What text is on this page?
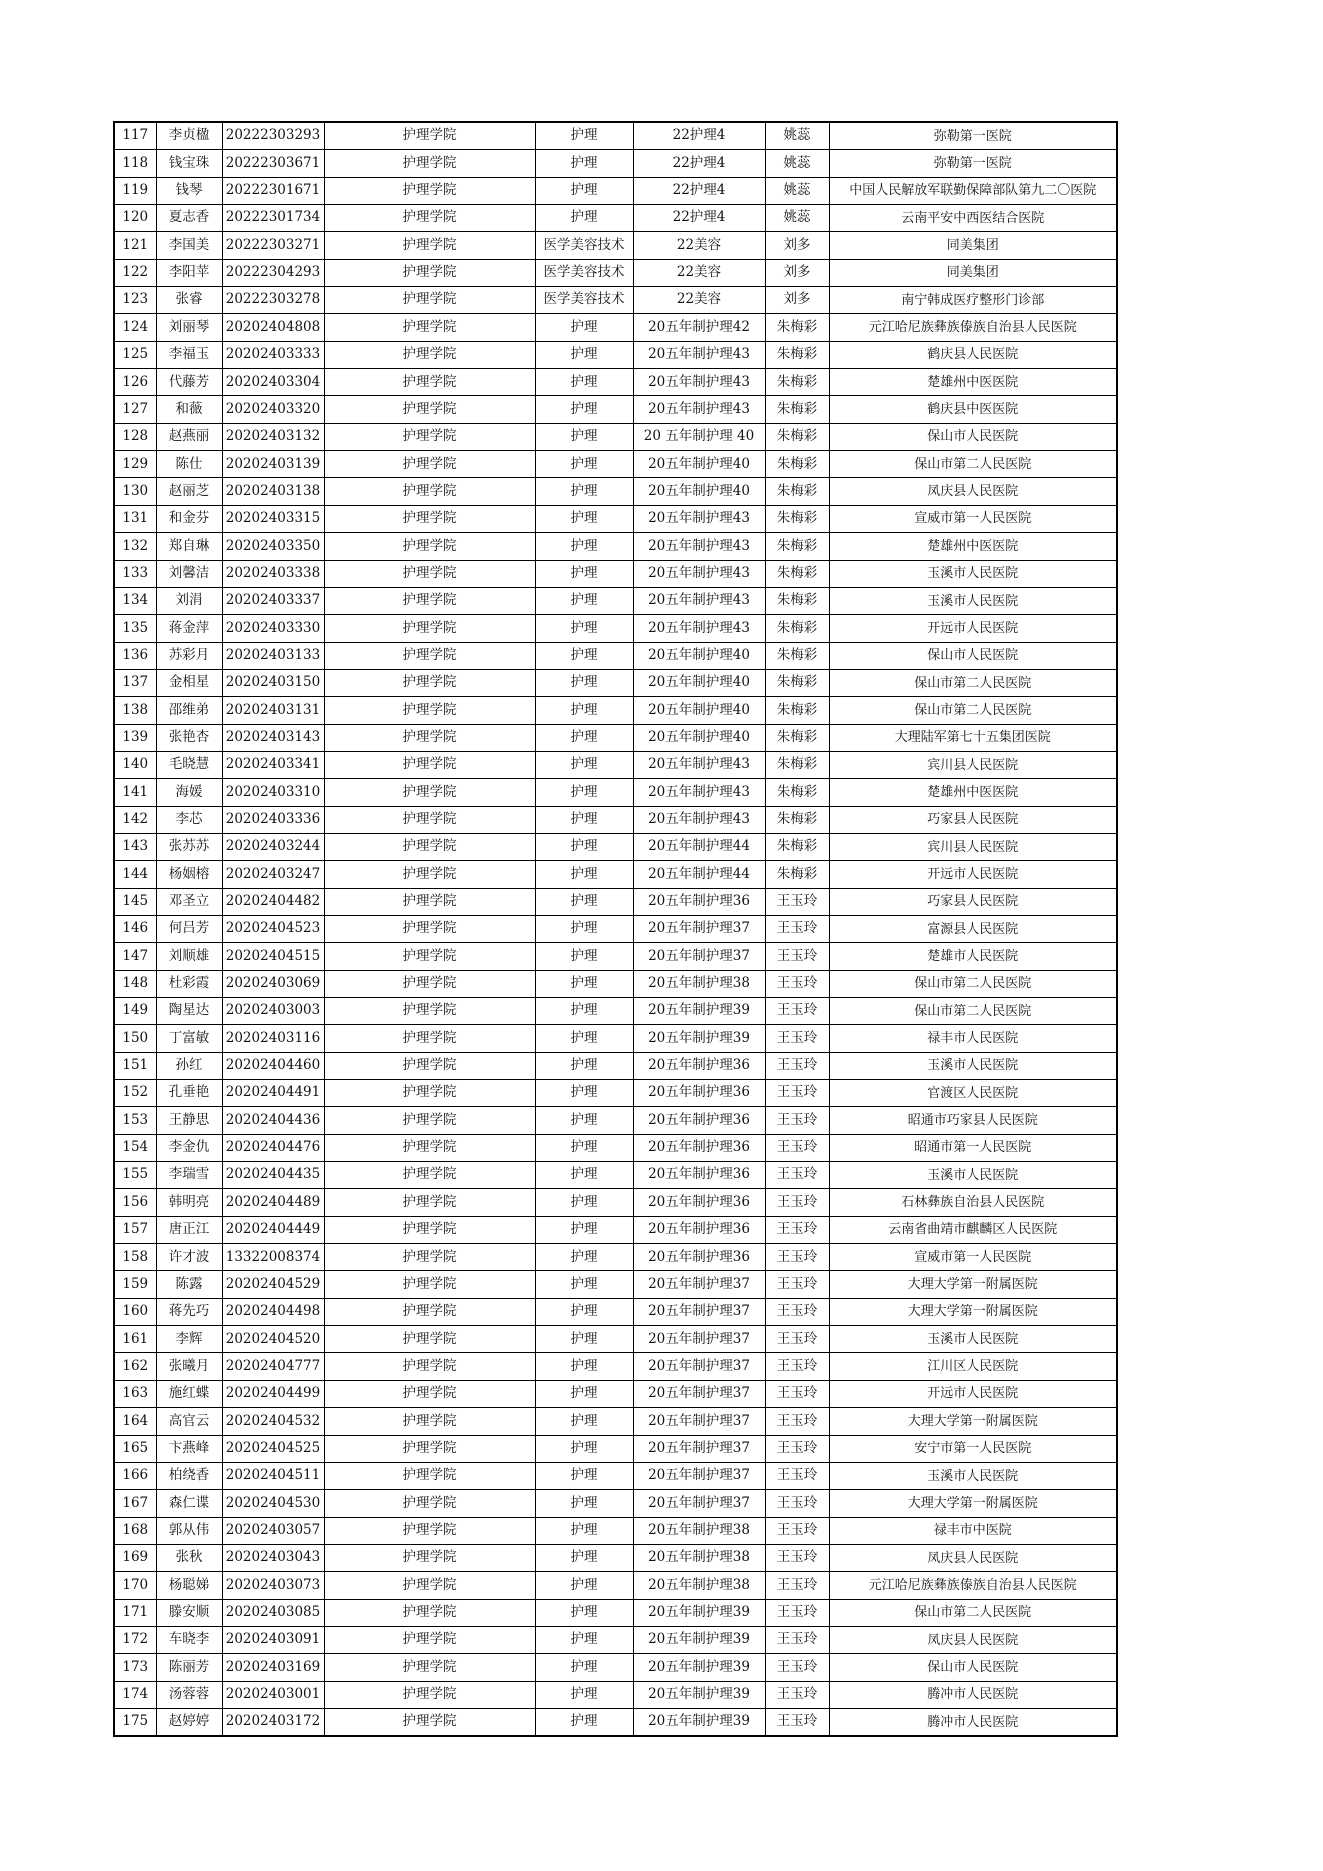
117	李贞楹	20222303293	护理学院	护理	22护理4	姚蕊	弥勒第一医院
118	钱宝珠	20222303671	护理学院	护理	22护理4	姚蕊	弥勒第一医院
119	钱琴	20222301671	护理学院	护理	22护理4	姚蕊	中国人民解放军联勤保障部队第九二〇医院
120	夏志香	20222301734	护理学院	护理	22护理4	姚蕊	云南平安中西医结合医院
121	李国美	20222303271	护理学院	医学美容技术	22美容	刘多	同美集团
122	李阳苹	20222304293	护理学院	医学美容技术	22美容	刘多	同美集团
123	张睿	20222303278	护理学院	医学美容技术	22美容	刘多	南宁韩成医疗整形门诊部
124	刘丽琴	20202404808	护理学院	护理	20五年制护理42	朱梅彩	元江哈尼族彝族傣族自治县人民医院
125	李福玉	20202403333	护理学院	护理	20五年制护理43	朱梅彩	鹤庆县人民医院
126	代藤芳	20202403304	护理学院	护理	20五年制护理43	朱梅彩	楚雄州中医医院
127	和薇	20202403320	护理学院	护理	20五年制护理43	朱梅彩	鹤庆县中医医院
128	赵燕丽	20202403132	护理学院	护理	20 五年制护理 40	朱梅彩	保山市人民医院
129	陈仕	20202403139	护理学院	护理	20五年制护理40	朱梅彩	保山市第二人民医院
130	赵丽芝	20202403138	护理学院	护理	20五年制护理40	朱梅彩	凤庆县人民医院
131	和金芬	20202403315	护理学院	护理	20五年制护理43	朱梅彩	宣威市第一人民医院
132	郑自琳	20202403350	护理学院	护理	20五年制护理43	朱梅彩	楚雄州中医医院
133	刘馨洁	20202403338	护理学院	护理	20五年制护理43	朱梅彩	玉溪市人民医院
134	刘涓	20202403337	护理学院	护理	20五年制护理43	朱梅彩	玉溪市人民医院
135	蒋金萍	20202403330	护理学院	护理	20五年制护理43	朱梅彩	开远市人民医院
136	苏彩月	20202403133	护理学院	护理	20五年制护理40	朱梅彩	保山市人民医院
137	金相星	20202403150	护理学院	护理	20五年制护理40	朱梅彩	保山市第二人民医院
138	邵维弟	20202403131	护理学院	护理	20五年制护理40	朱梅彩	保山市第二人民医院
139	张艳杏	20202403143	护理学院	护理	20五年制护理40	朱梅彩	大理陆军第七十五集团医院
140	毛晓慧	20202403341	护理学院	护理	20五年制护理43	朱梅彩	宾川县人民医院
141	海媛	20202403310	护理学院	护理	20五年制护理43	朱梅彩	楚雄州中医医院
142	李芯	20202403336	护理学院	护理	20五年制护理43	朱梅彩	巧家县人民医院
143	张苏苏	20202403244	护理学院	护理	20五年制护理44	朱梅彩	宾川县人民医院
144	杨姻榕	20202403247	护理学院	护理	20五年制护理44	朱梅彩	开远市人民医院
145	邓圣立	20202404482	护理学院	护理	20五年制护理36	王玉玲	巧家县人民医院
146	何吕芳	20202404523	护理学院	护理	20五年制护理37	王玉玲	富源县人民医院
147	刘顺雄	20202404515	护理学院	护理	20五年制护理37	王玉玲	楚雄市人民医院
148	杜彩霞	20202403069	护理学院	护理	20五年制护理38	王玉玲	保山市第二人民医院
149	陶星达	20202403003	护理学院	护理	20五年制护理39	王玉玲	保山市第二人民医院
150	丁富敏	20202403116	护理学院	护理	20五年制护理39	王玉玲	禄丰市人民医院
151	孙红	20202404460	护理学院	护理	20五年制护理36	王玉玲	玉溪市人民医院
152	孔垂艳	20202404491	护理学院	护理	20五年制护理36	王玉玲	官渡区人民医院
153	王静思	20202404436	护理学院	护理	20五年制护理36	王玉玲	昭通市巧家县人民医院
154	李金仇	20202404476	护理学院	护理	20五年制护理36	王玉玲	昭通市第一人民医院
155	李瑞雪	20202404435	护理学院	护理	20五年制护理36	王玉玲	玉溪市人民医院
156	韩明亮	20202404489	护理学院	护理	20五年制护理36	王玉玲	石林彝族自治县人民医院
157	唐正江	20202404449	护理学院	护理	20五年制护理36	王玉玲	云南省曲靖市麒麟区人民医院
158	许才波	13322008374	护理学院	护理	20五年制护理36	王玉玲	宣威市第一人民医院
159	陈露	20202404529	护理学院	护理	20五年制护理37	王玉玲	大理大学第一附属医院
160	蒋先巧	20202404498	护理学院	护理	20五年制护理37	王玉玲	大理大学第一附属医院
161	李辉	20202404520	护理学院	护理	20五年制护理37	王玉玲	玉溪市人民医院
162	张曦月	20202404777	护理学院	护理	20五年制护理37	王玉玲	江川区人民医院
163	施红蝶	20202404499	护理学院	护理	20五年制护理37	王玉玲	开远市人民医院
164	高官云	20202404532	护理学院	护理	20五年制护理37	王玉玲	大理大学第一附属医院
165	卞燕峰	20202404525	护理学院	护理	20五年制护理37	王玉玲	安宁市第一人民医院
166	柏绕香	20202404511	护理学院	护理	20五年制护理37	王玉玲	玉溪市人民医院
167	森仁谍	20202404530	护理学院	护理	20五年制护理37	王玉玲	大理大学第一附属医院
168	郭从伟	20202403057	护理学院	护理	20五年制护理38	王玉玲	禄丰市中医院
169	张秋	20202403043	护理学院	护理	20五年制护理38	王玉玲	凤庆县人民医院
170	杨聪娣	20202403073	护理学院	护理	20五年制护理38	王玉玲	元江哈尼族彝族傣族自治县人民医院
171	滕安顺	20202403085	护理学院	护理	20五年制护理39	王玉玲	保山市第二人民医院
172	车晓李	20202403091	护理学院	护理	20五年制护理39	王玉玲	凤庆县人民医院
173	陈丽芳	20202403169	护理学院	护理	20五年制护理39	王玉玲	保山市人民医院
174	汤蓉蓉	20202403001	护理学院	护理	20五年制护理39	王玉玲	腾冲市人民医院
175	赵婷婷	20202403172	护理学院	护理	20五年制护理39	王玉玲	腾冲市人民医院
